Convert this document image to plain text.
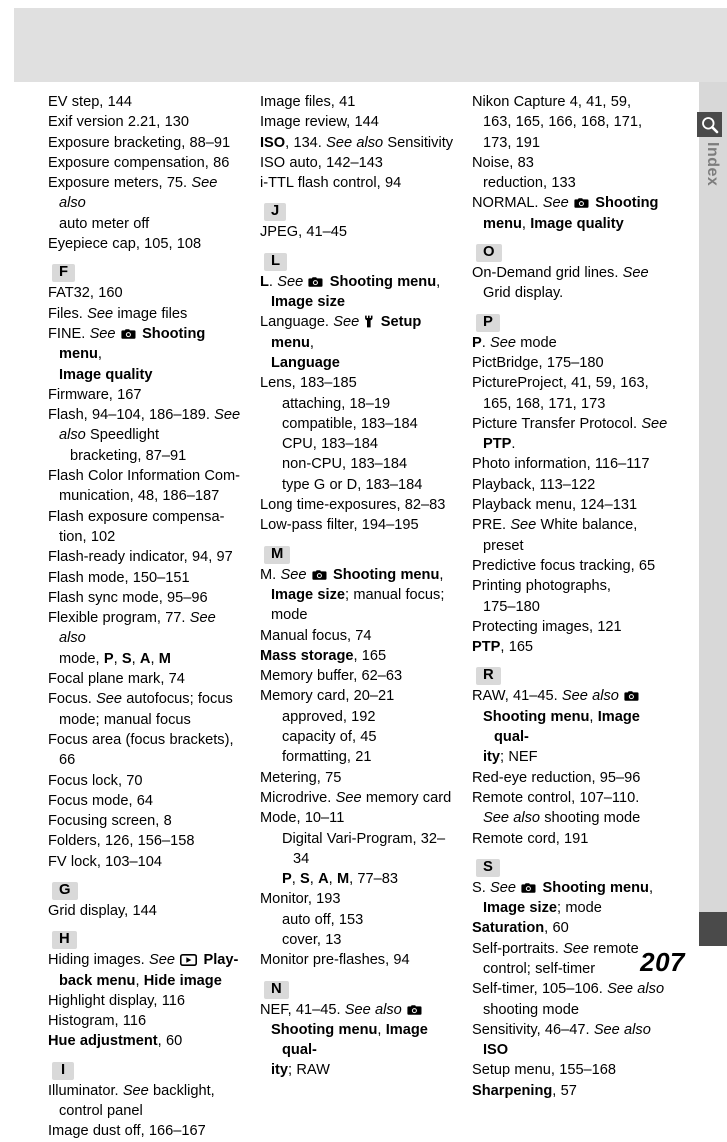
Index
207
EV step, 144
Exif version 2.21, 130
Exposure bracketing, 88–91
Exposure compensation, 86
Exposure meters, 75. See also
auto meter off
Eyepiece cap, 105, 108
F
FAT32, 160
Files. See image files
FINE. See Shooting menu,
Image quality
Firmware, 167
Flash, 94–104, 186–189. See
also Speedlight
bracketing, 87–91
Flash Color Information Com-
munication, 48, 186–187
Flash exposure compensa-
tion, 102
Flash-ready indicator, 94, 97
Flash mode, 150–151
Flash sync mode, 95–96
Flexible program, 77. See also
mode, P, S, A, M
Focal plane mark, 74
Focus. See autofocus; focus
mode; manual focus
Focus area (focus brackets), 66
Focus lock, 70
Focus mode, 64
Focusing screen, 8
Folders, 126, 156–158
FV lock, 103–104
G
Grid display, 144
H
Hiding images. See Play-
back menu, Hide image
Highlight display, 116
Histogram, 116
Hue adjustment, 60
I
Illuminator. See backlight,
control panel
Image dust off, 166–167
Image files, 41
Image review, 144
ISO, 134. See also Sensitivity
ISO auto, 142–143
i-TTL flash control, 94
J
JPEG, 41–45
L
L. See Shooting menu,
Image size
Language. See Setup menu,
Language
Lens, 183–185
attaching, 18–19
compatible, 183–184
CPU, 183–184
non-CPU, 183–184
type G or D, 183–184
Long time-exposures, 82–83
Low-pass filter, 194–195
M
M. See Shooting menu,
Image size; manual focus;
mode
Manual focus, 74
Mass storage, 165
Memory buffer, 62–63
Memory card, 20–21
approved, 192
capacity of, 45
formatting, 21
Metering, 75
Microdrive. See memory card
Mode, 10–11
Digital Vari-Program, 32–34
P, S, A, M, 77–83
Monitor, 193
auto off, 153
cover, 13
Monitor pre-flashes, 94
N
NEF, 41–45. See also
Shooting menu, Image qual-
ity; RAW
Nikon Capture 4, 41, 59,
163, 165, 166, 168, 171,
173, 191
Noise, 83
reduction, 133
NORMAL. See Shooting
menu, Image quality
O
On-Demand grid lines. See
Grid display.
P
P. See mode
PictBridge, 175–180
PictureProject, 41, 59, 163,
165, 168, 171, 173
Picture Transfer Protocol. See
PTP.
Photo information, 116–117
Playback, 113–122
Playback menu, 124–131
PRE. See White balance,
preset
Predictive focus tracking, 65
Printing photographs,
175–180
Protecting images, 121
PTP, 165
R
RAW, 41–45. See also
Shooting menu, Image qual-
ity; NEF
Red-eye reduction, 95–96
Remote control, 107–110.
See also shooting mode
Remote cord, 191
S
S. See Shooting menu,
Image size; mode
Saturation, 60
Self-portraits. See remote
control; self-timer
Self-timer, 105–106. See also
shooting mode
Sensitivity, 46–47. See also ISO
Setup menu, 155–168
Sharpening, 57
